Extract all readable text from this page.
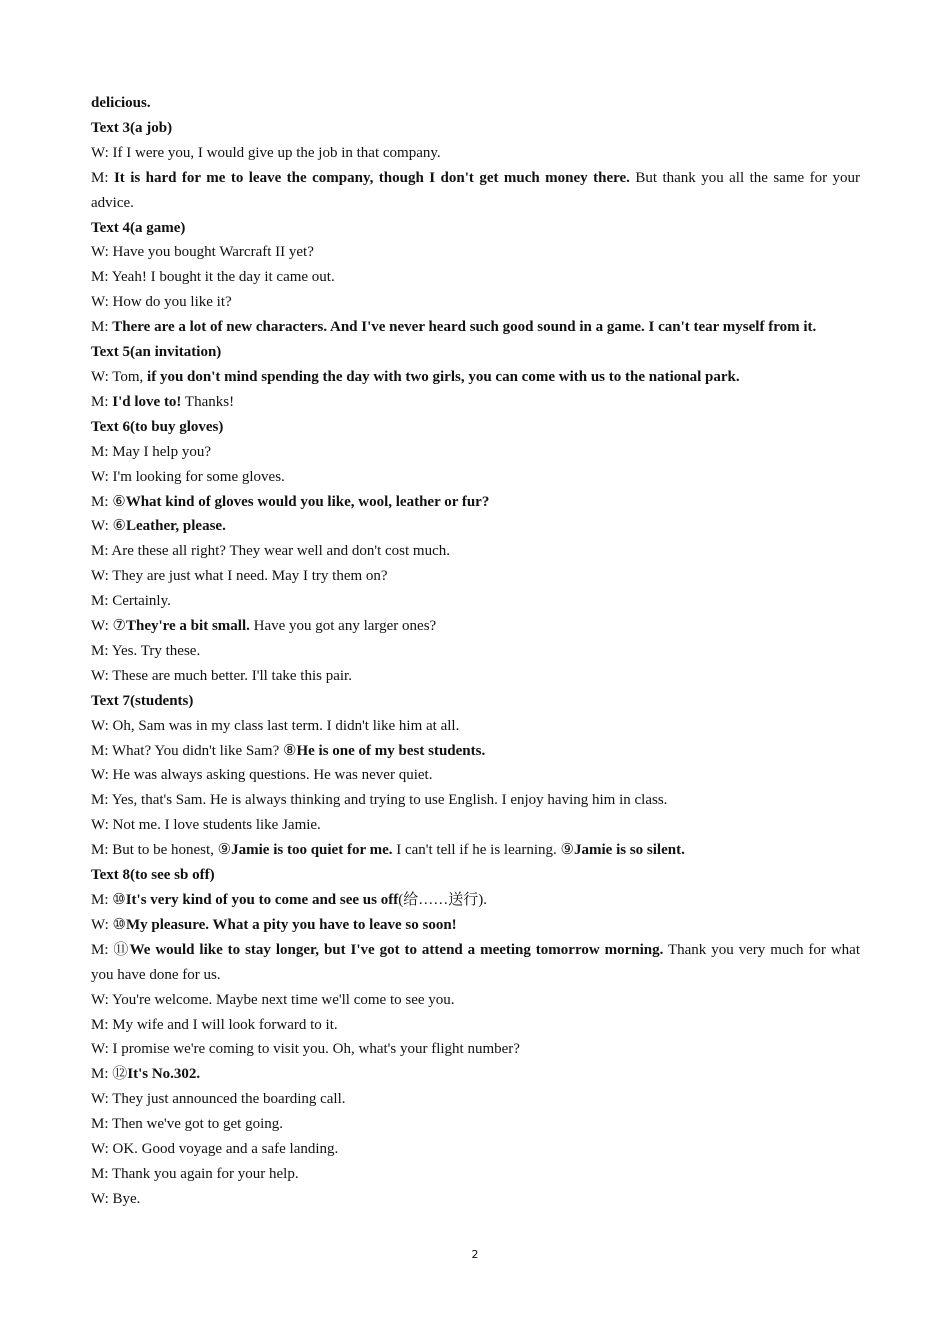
delicious.

Text 3(a job)

W: If I were you, I would give up the job in that company.

M: It is hard for me to leave the company, though I don't get much money there. But thank you all the same for your advice.

Text 4(a game)

W: Have you bought Warcraft II yet?

M: Yeah! I bought it the day it came out.

W: How do you like it?

M: There are a lot of new characters. And I've never heard such good sound in a game. I can't tear myself from it.

Text 5(an invitation)

W: Tom, if you don't mind spending the day with two girls, you can come with us to the national park.

M: I'd love to! Thanks!

Text 6(to buy gloves)

M: May I help you?

W: I'm looking for some gloves.

M: ⑥What kind of gloves would you like, wool, leather or fur?

W: ⑥Leather, please.

M: Are these all right? They wear well and don't cost much.

W: They are just what I need. May I try them on?

M: Certainly.

W: ⑦They're a bit small. Have you got any larger ones?

M: Yes. Try these.

W: These are much better. I'll take this pair.

Text 7(students)

W: Oh, Sam was in my class last term. I didn't like him at all.

M: What? You didn't like Sam? ⑧He is one of my best students.

W: He was always asking questions. He was never quiet.

M: Yes, that's Sam. He is always thinking and trying to use English. I enjoy having him in class.

W: Not me. I love students like Jamie.

M: But to be honest, ⑨Jamie is too quiet for me. I can't tell if he is learning. ⑨Jamie is so silent.

Text 8(to see sb off)

M: ⑩It's very kind of you to come and see us off(给……送行).

W: ⑩My pleasure. What a pity you have to leave so soon!

M: ⑪We would like to stay longer, but I've got to attend a meeting tomorrow morning. Thank you very much for what you have done for us.

W: You're welcome. Maybe next time we'll come to see you.

M: My wife and I will look forward to it.

W: I promise we're coming to visit you. Oh, what's your flight number?

M: ⑫It's No.302.

W: They just announced the boarding call.

M: Then we've got to get going.

W: OK. Good voyage and a safe landing.

M: Thank you again for your help.

W: Bye.

2
